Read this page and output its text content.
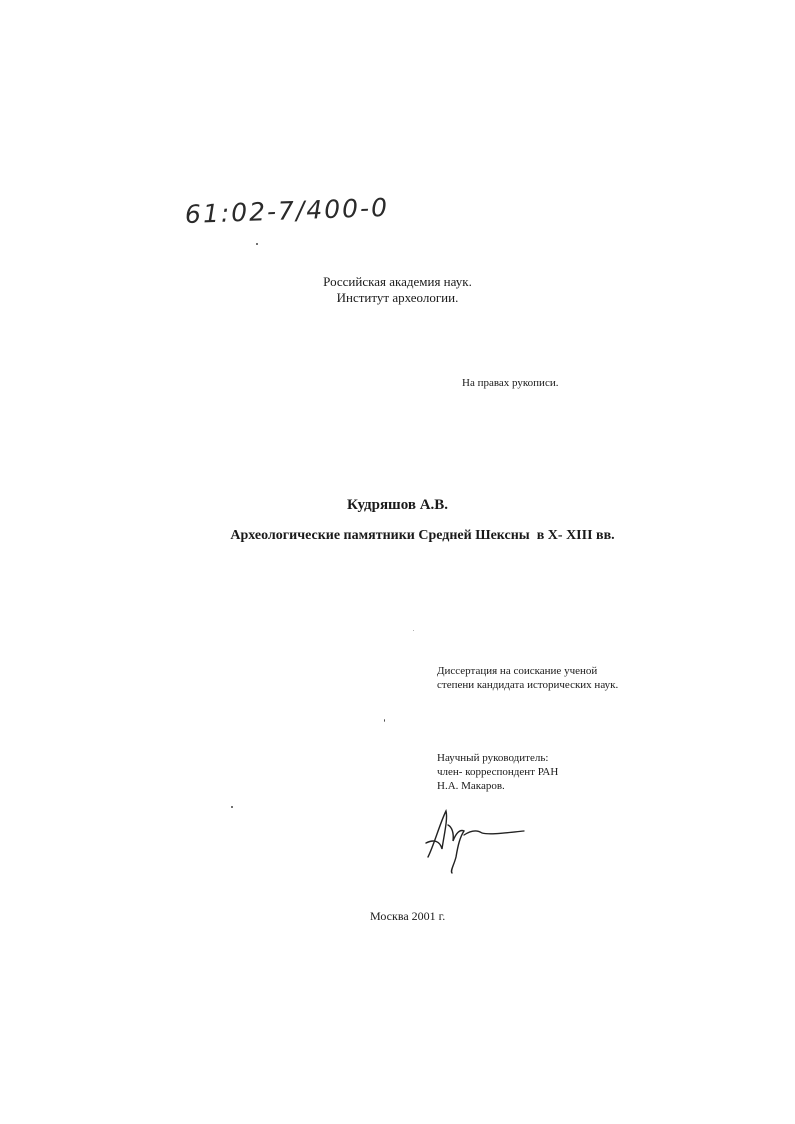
61:02-7/400-0
Российская академия наук.
Институт археологии.
На правах рукописи.
Кудряшов А.В.
Археологические памятники Средней Шексны  в X- XIII вв.
Диссертация на соискание ученой
степени кандидата исторических наук.
Научный руководитель:
член- корреспондент РАН
Н.А. Макаров.
Москва 2001 г.
